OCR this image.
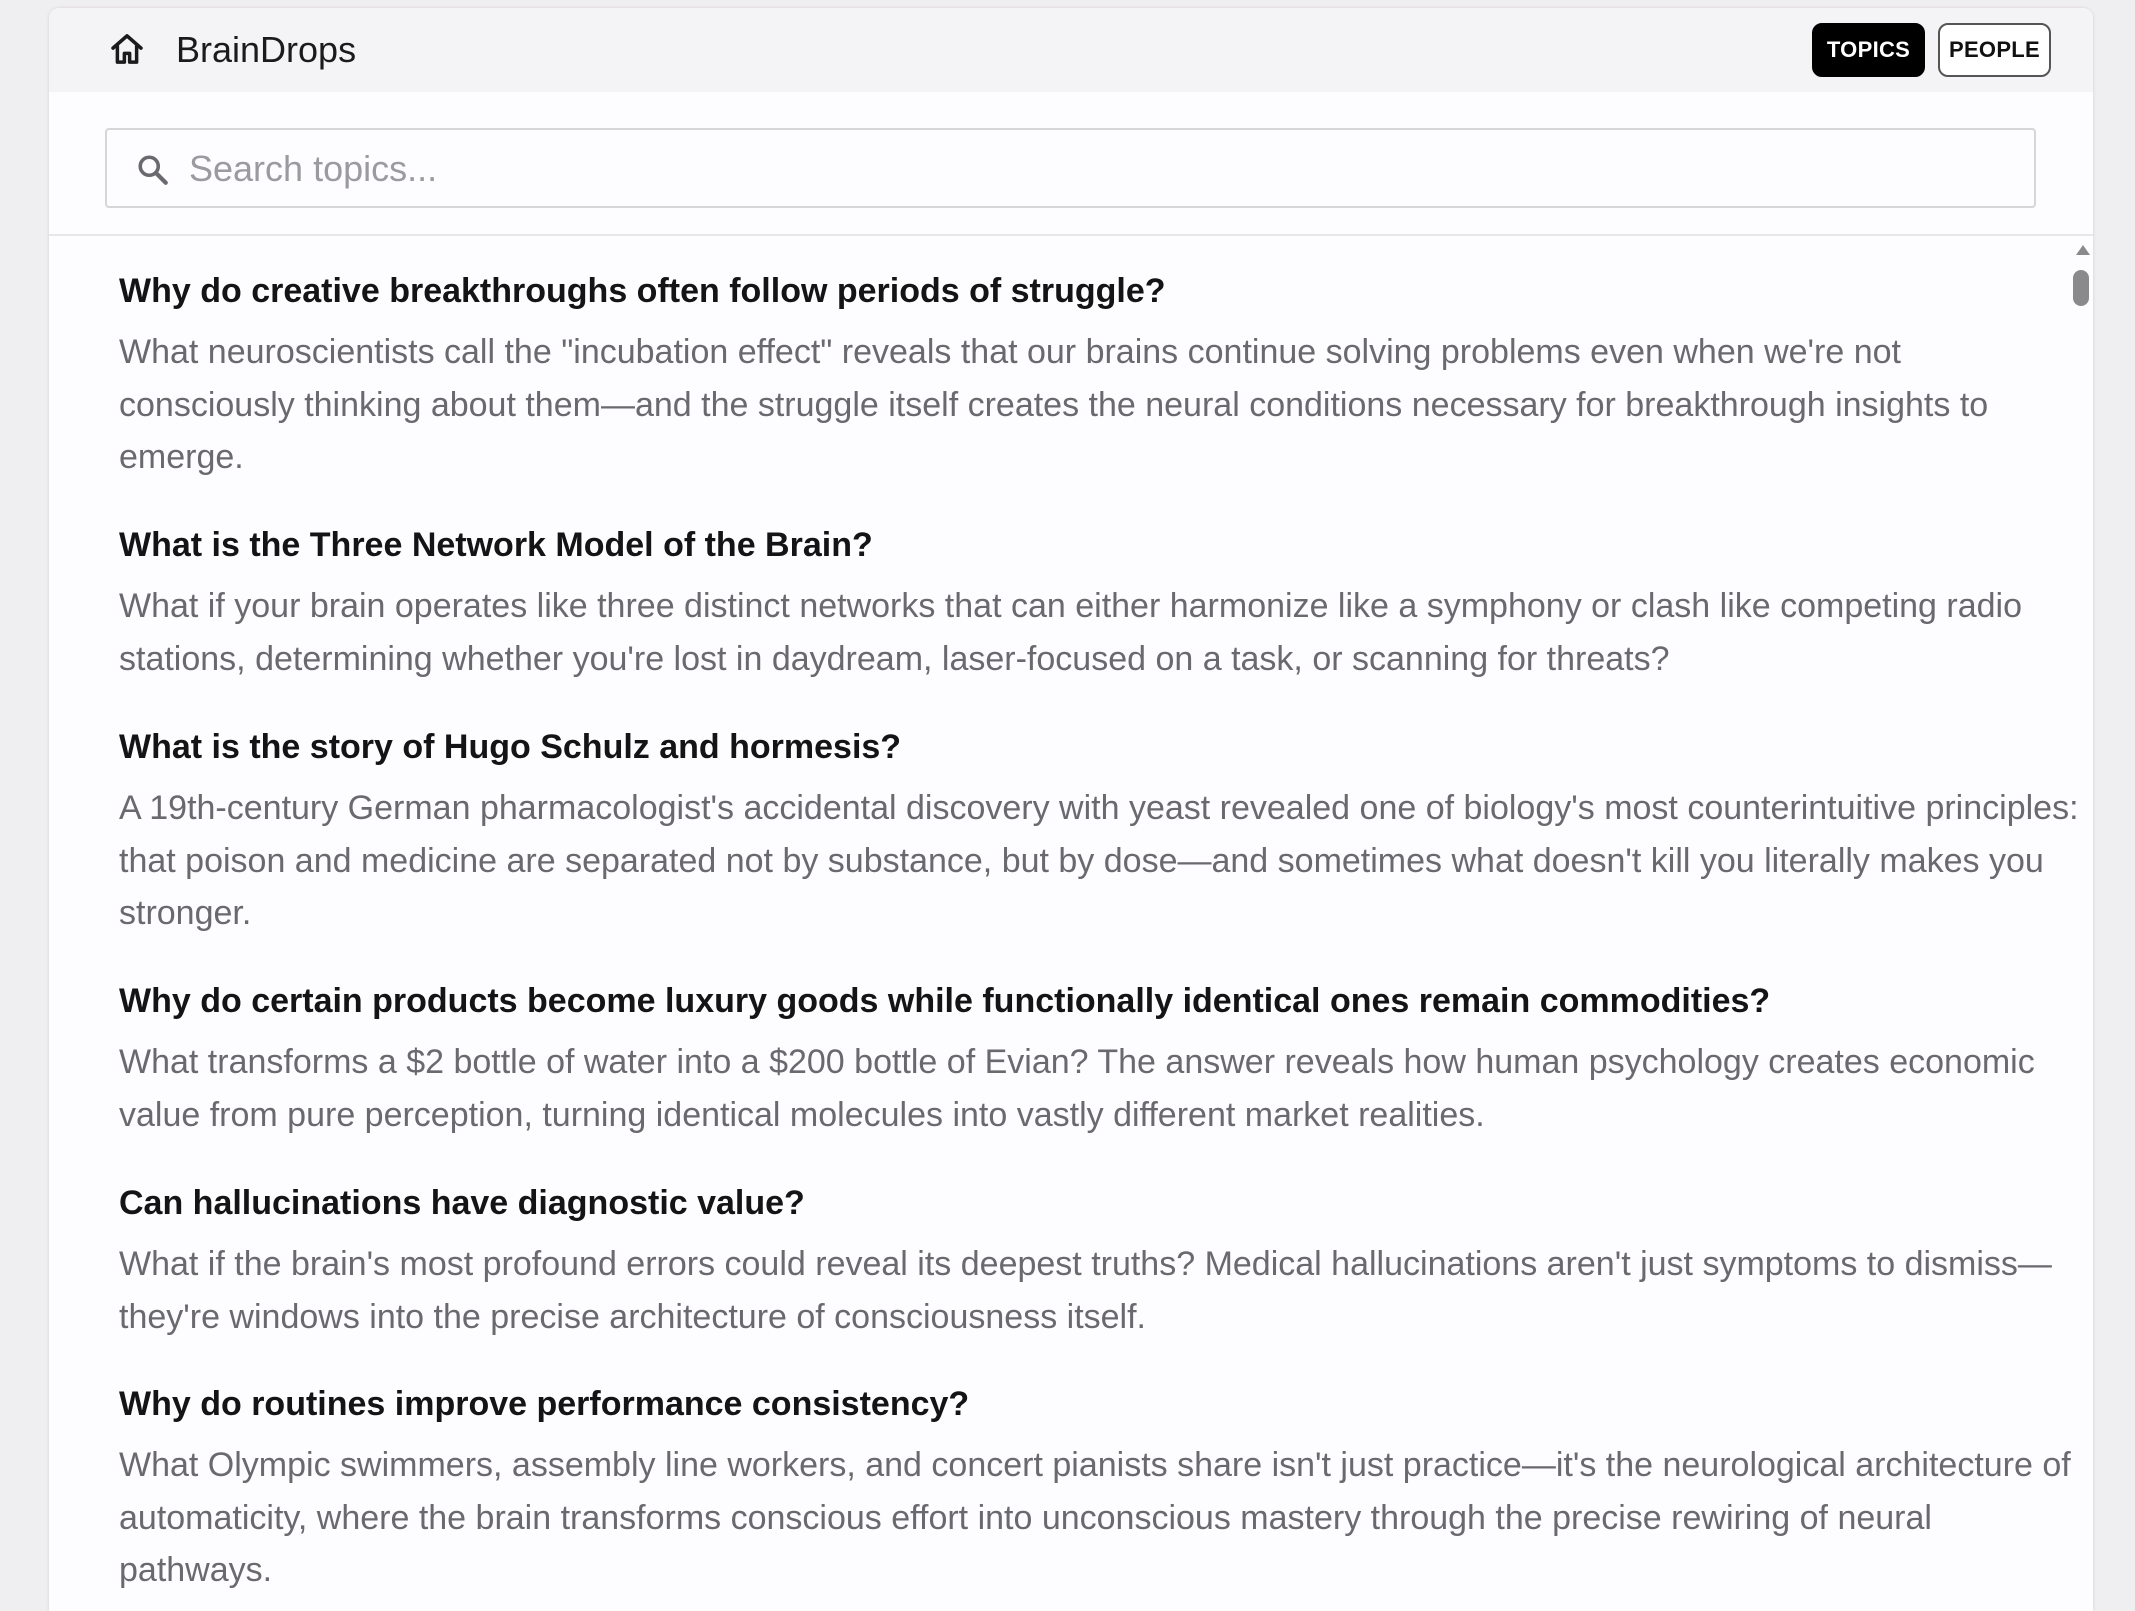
BrainDrops	TOPICS	PEOPLE
Search topics...

Why do creative breakthroughs often follow periods of struggle?

What neuroscientists call the "incubation effect" reveals that our brains continue solving problems even when we're not consciously thinking about them—and the struggle itself creates the neural conditions necessary for breakthrough insights to emerge.

What is the Three Network Model of the Brain?

What if your brain operates like three distinct networks that can either harmonize like a symphony or clash like competing radio stations, determining whether you're lost in daydream, laser-focused on a task, or scanning for threats?

What is the story of Hugo Schulz and hormesis?

A 19th-century German pharmacologist's accidental discovery with yeast revealed one of biology's most counterintuitive principles: that poison and medicine are separated not by substance, but by dose—and sometimes what doesn't kill you literally makes you stronger.

Why do certain products become luxury goods while functionally identical ones remain commodities?

What transforms a $2 bottle of water into a $200 bottle of Evian? The answer reveals how human psychology creates economic value from pure perception, turning identical molecules into vastly different market realities.

Can hallucinations have diagnostic value?

What if the brain's most profound errors could reveal its deepest truths? Medical hallucinations aren't just symptoms to dismiss—they're windows into the precise architecture of consciousness itself.

Why do routines improve performance consistency?

What Olympic swimmers, assembly line workers, and concert pianists share isn't just practice—it's the neurological architecture of automaticity, where the brain transforms conscious effort into unconscious mastery through the precise rewiring of neural pathways.
